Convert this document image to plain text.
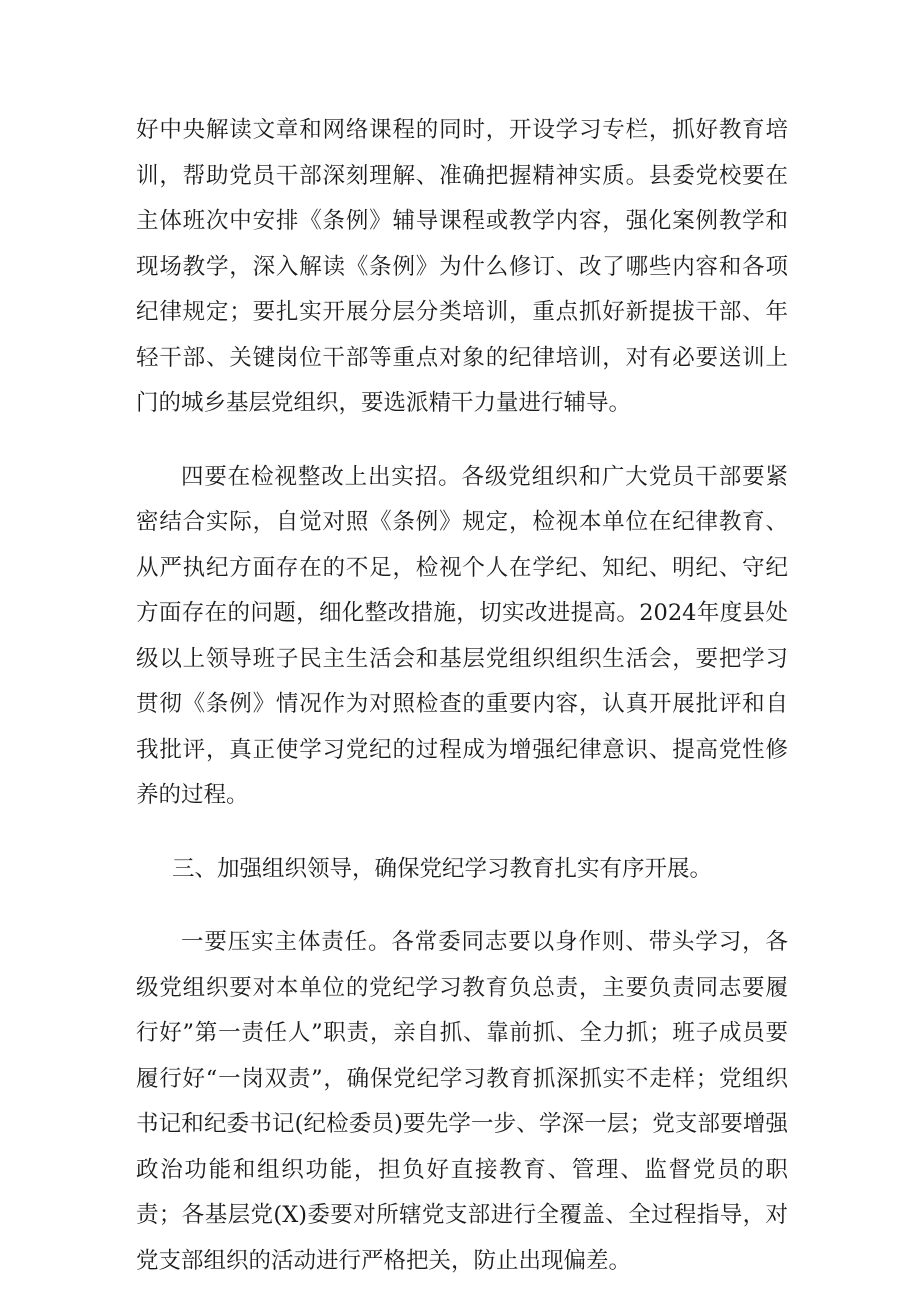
好中央解读文章和网络课程的同时，开设学习专栏，抓好教育培训，帮助党员干部深刻理解、准确把握精神实质。县委党校要在主体班次中安排《条例》辅导课程或教学内容，强化案例教学和现场教学，深入解读《条例》为什么修订、改了哪些内容和各项纪律规定；要扎实开展分层分类培训，重点抓好新提拔干部、年轻干部、关键岗位干部等重点对象的纪律培训，对有必要送训上门的城乡基层党组织，要选派精干力量进行辅导。

四要在检视整改上出实招。各级党组织和广大党员干部要紧密结合实际，自觉对照《条例》规定，检视本单位在纪律教育、从严执纪方面存在的不足，检视个人在学纪、知纪、明纪、守纪方面存在的问题，细化整改措施，切实改进提高。2024年度县处级以上领导班子民主生活会和基层党组织组织生活会，要把学习贯彻《条例》情况作为对照检查的重要内容，认真开展批评和自我批评，真正使学习党纪的过程成为增强纪律意识、提高党性修养的过程。

三、加强组织领导，确保党纪学习教育扎实有序开展。

一要压实主体责任。各常委同志要以身作则、带头学习，各级党组织要对本单位的党纪学习教育负总责，主要负责同志要履行好”第一责任人”职责，亲自抓、靠前抓、全力抓；班子成员要履行好“一岗双责”，确保党纪学习教育抓深抓实不走样；党组织书记和纪委书记(纪检委员)要先学一步、学深一层；党支部要增强政治功能和组织功能，担负好直接教育、管理、监督党员的职责；各基层党(X)委要对所辖党支部进行全覆盖、全过程指导，对党支部组织的活动进行严格把关，防止出现偏差。
